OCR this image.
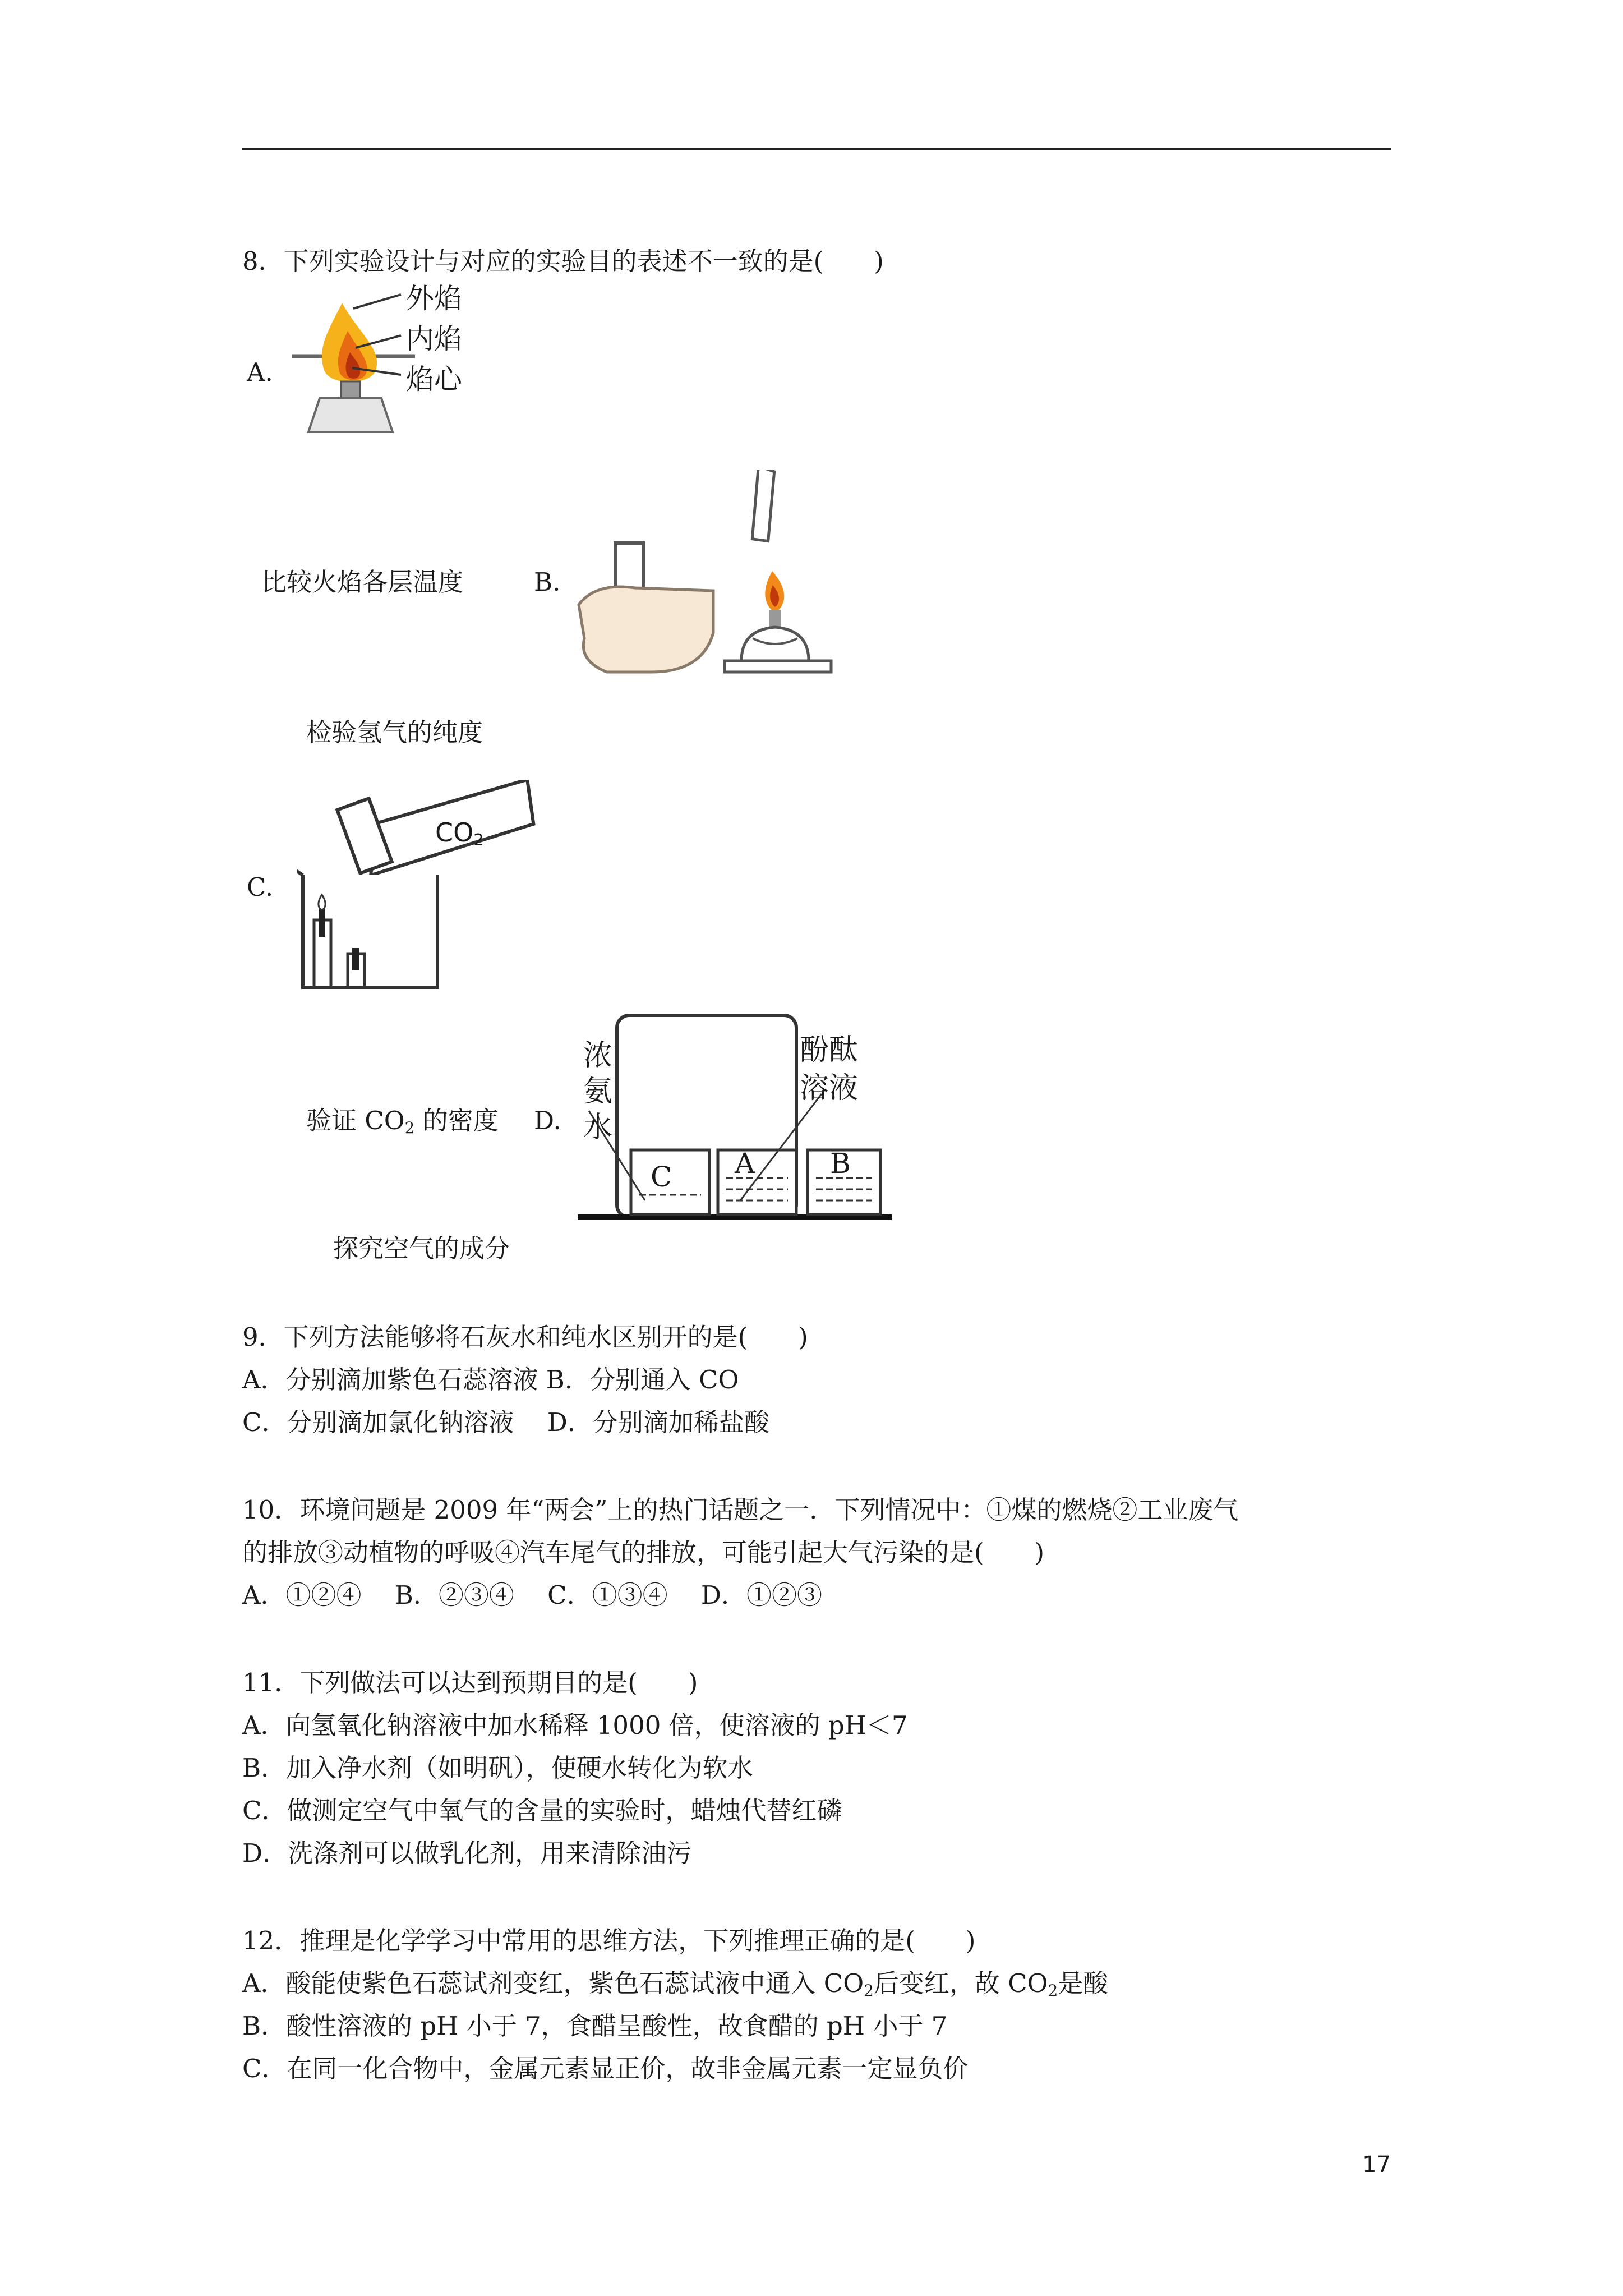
8．下列实验设计与对应的实验目的表述不一致的是(　　)
A.
外焰
内焰
焰心
比较火焰各层温度	B.
检验氢气的纯度
$CO_2$
C.
验证 $CO_2$ 的密度 D.
浓
氨
水
酚酞
溶液
C A	B
探究空气的成分
9．下列方法能够将石灰水和纯水区别开的是(　　)
A．分别滴加紫色石蕊溶液 B．分别通入 CO
C．分别滴加氯化钠溶液　 D．分别滴加稀盐酸
10．环境问题是 2009 年“两会”上的热门话题之一．下列情况中：①煤的燃烧②工业废气
的排放③动植物的呼吸④汽车尾气的排放，可能引起大气污染的是(　　)
A．①②④　 B．②③④　 C．①③④　 D．①②③
11．下列做法可以达到预期目的是(　　)
A．向氢氧化钠溶液中加水稀释 1000 倍，使溶液的 pH＜7
B．加入净水剂（如明矾），使硬水转化为软水
C．做测定空气中氧气的含量的实验时，蜡烛代替红磷
D．洗涤剂可以做乳化剂，用来清除油污
12．推理是化学学习中常用的思维方法，下列推理正确的是(　　)
A．酸能使紫色石蕊试剂变红，紫色石蕊试液中通入 $CO_2$后变红，故 $CO_2$是酸
B．酸性溶液的 pH 小于 7，食醋呈酸性，故食醋的 pH 小于 7
C．在同一化合物中，金属元素显正价，故非金属元素一定显负价
17
